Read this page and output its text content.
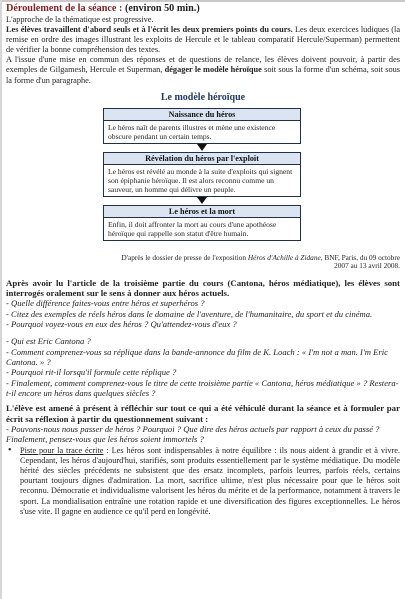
Déroulement de la séance : (environ 50 min.)

L'approche de la thématique est progressive.

Les élèves travaillent d'abord seuls et à l'écrit les deux premiers points du cours. Les deux exercices ludiques (la remise en ordre des images illustrant les exploits de Hercule et le tableau comparatif Hercule/Superman) permettent de vérifier la bonne compréhension des textes.

A l'issue d'une mise en commun des réponses et de questions de relance, les élèves doivent pouvoir, à partir des exemples de Gilgamesh, Hercule et Superman, dégager le modèle héroïque soit sous la forme d'un schéma, soit sous la forme d'un paragraphe.

Le modèle héroïque
Naissance du héros
Le héros naît de parents illustres et mène une existence obscure pendant un certain temps.
Révélation du héros par l'exploit
Le héros est révélé au monde à la suite d'exploits qui signent son épiphanie héroïque. Il est alors reconnu comme un sauveur, un homme qui délivre un peuple.
Le héros et la mort
Enfin, il doit affronter la mort au cours d'une apothéose héroïque qui rappelle son statut d'être humain.
D'après le dossier de presse de l'exposition Héros d'Achille à Zidane, BNF, Paris, du 09 octobre 2007 au 13 avril 2008.

Après avoir lu l'article de la troisième partie du cours (Cantona, héros médiatique), les élèves sont interrogés oralement sur le sens à donner aux héros actuels.

- Quelle différence faites-vous entre héros et superhéros ?

- Citez des exemples de réels héros dans le domaine de l'aventure, de l'humanitaire, du sport et du cinéma.

- Pourquoi voyez-vous en eux des héros ? Qu'attendez-vous d'eux ?

- Qui est Eric Cantona ?

- Comment comprenez-vous sa réplique dans la bande-annonce du film de K. Loach : « I'm not a man. I'm Eric Cantona. » ?

- Pourquoi rit-il lorsqu'il formule cette réplique ?

- Finalement, comment comprenez-vous le titre de cette troisième partie « Cantona, héros médiatique » ? Restera-t-il encore un héros dans quelques siècles ?

L'élève est amené à présent à réfléchir sur tout ce qui a été véhiculé durant la séance et à formuler par écrit sa réflexion à partir du questionnement suivant :

- Pouvons-nous nous passer de héros ? Pourquoi ? Que dire des héros actuels par rapport à ceux du passé ? Finalement, pensez-vous que les héros soient immortels ?

•	Piste pour la trace écrite : Les héros sont indispensables à notre équilibre : ils nous aident à grandir et à vivre. Cependant, les héros d'aujourd'hui, starifiés, sont produits essentiellement par le système médiatique. Du modèle hérité des siècles précédents ne subsistent que des ersatz incomplets, parfois leurres, parfois réels, certains pourtant toujours dignes d'admiration. La mort, sacrifice ultime, n'est plus nécessaire pour que le héros soit reconnu. Démocratie et individualisme valorisent les héros du mérite et de la performance, notamment à travers le sport. La mondialisation entraîne une rotation rapide et une diversification des figures exceptionnelles. Le héros s'use vite. Il gagne en audience ce qu'il perd en longévité.
